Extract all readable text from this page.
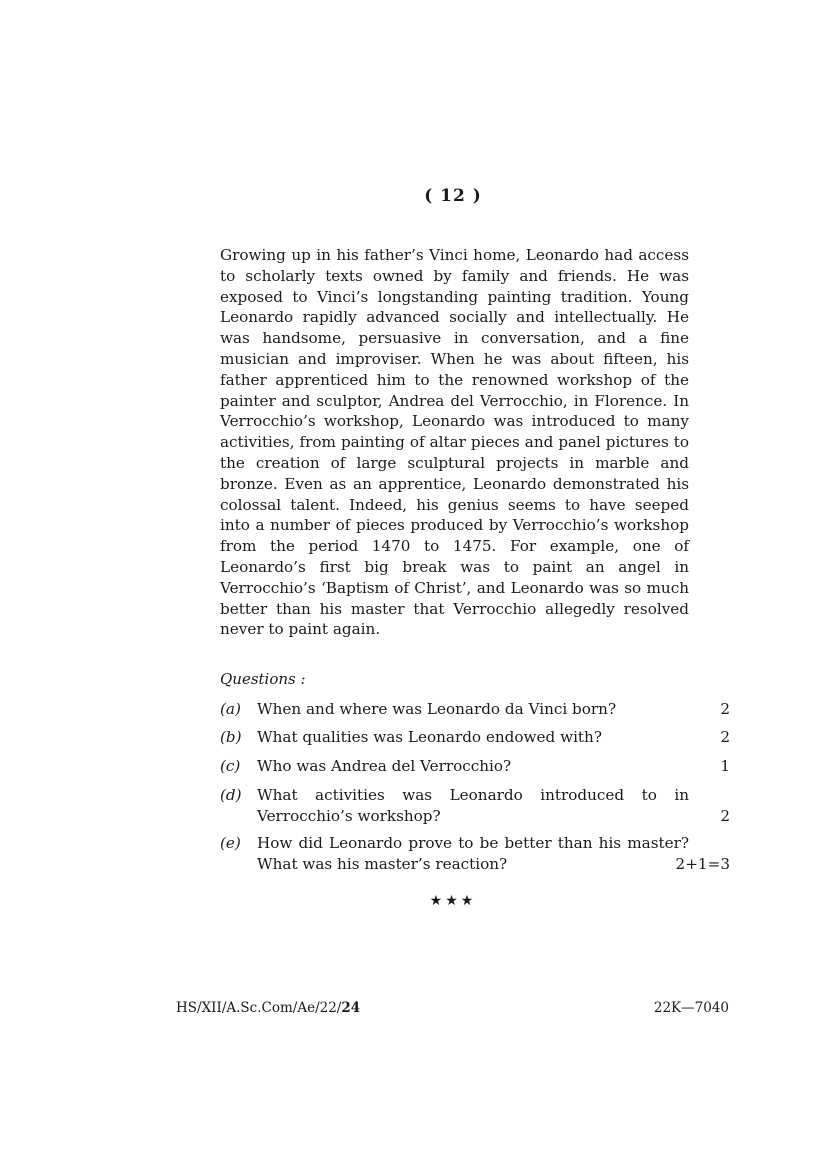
( 12 )

Growing up in his father’s Vinci home, Leonardo had access to scholarly texts owned by family and friends. He was exposed to Vinci’s longstanding painting tradition. Young Leonardo rapidly advanced socially and intellectually. He was handsome, persuasive in conversation, and a fine musician and improviser. When he was about fifteen, his father apprenticed him to the renowned workshop of the painter and sculptor, Andrea del Verrocchio, in Florence. In Verrocchio’s workshop, Leonardo was introduced to many activities, from painting of altar pieces and panel pictures to the creation of large sculptural projects in marble and bronze. Even as an apprentice, Leonardo demonstrated his colossal talent. Indeed, his genius seems to have seeped into a number of pieces produced by Verrocchio’s workshop from the period 1470 to 1475. For example, one of Leonardo’s first big break was to paint an angel in Verrocchio’s ‘Baptism of Christ’, and Leonardo was so much better than his master that Verrocchio allegedly resolved never to paint again.

Questions :
(a) When and where was Leonardo da Vinci born?	2
(b) What qualities was Leonardo endowed with?	2
(c) Who was Andrea del Verrocchio?	1
(d) What activities was Leonardo introduced to in Verrocchio’s workshop?	2
(e) How did Leonardo prove to be better than his master? What was his master’s reaction?	2+1=3
★★★
HS/XII/A.Sc.Com/Ae/22/24	22K—7040
